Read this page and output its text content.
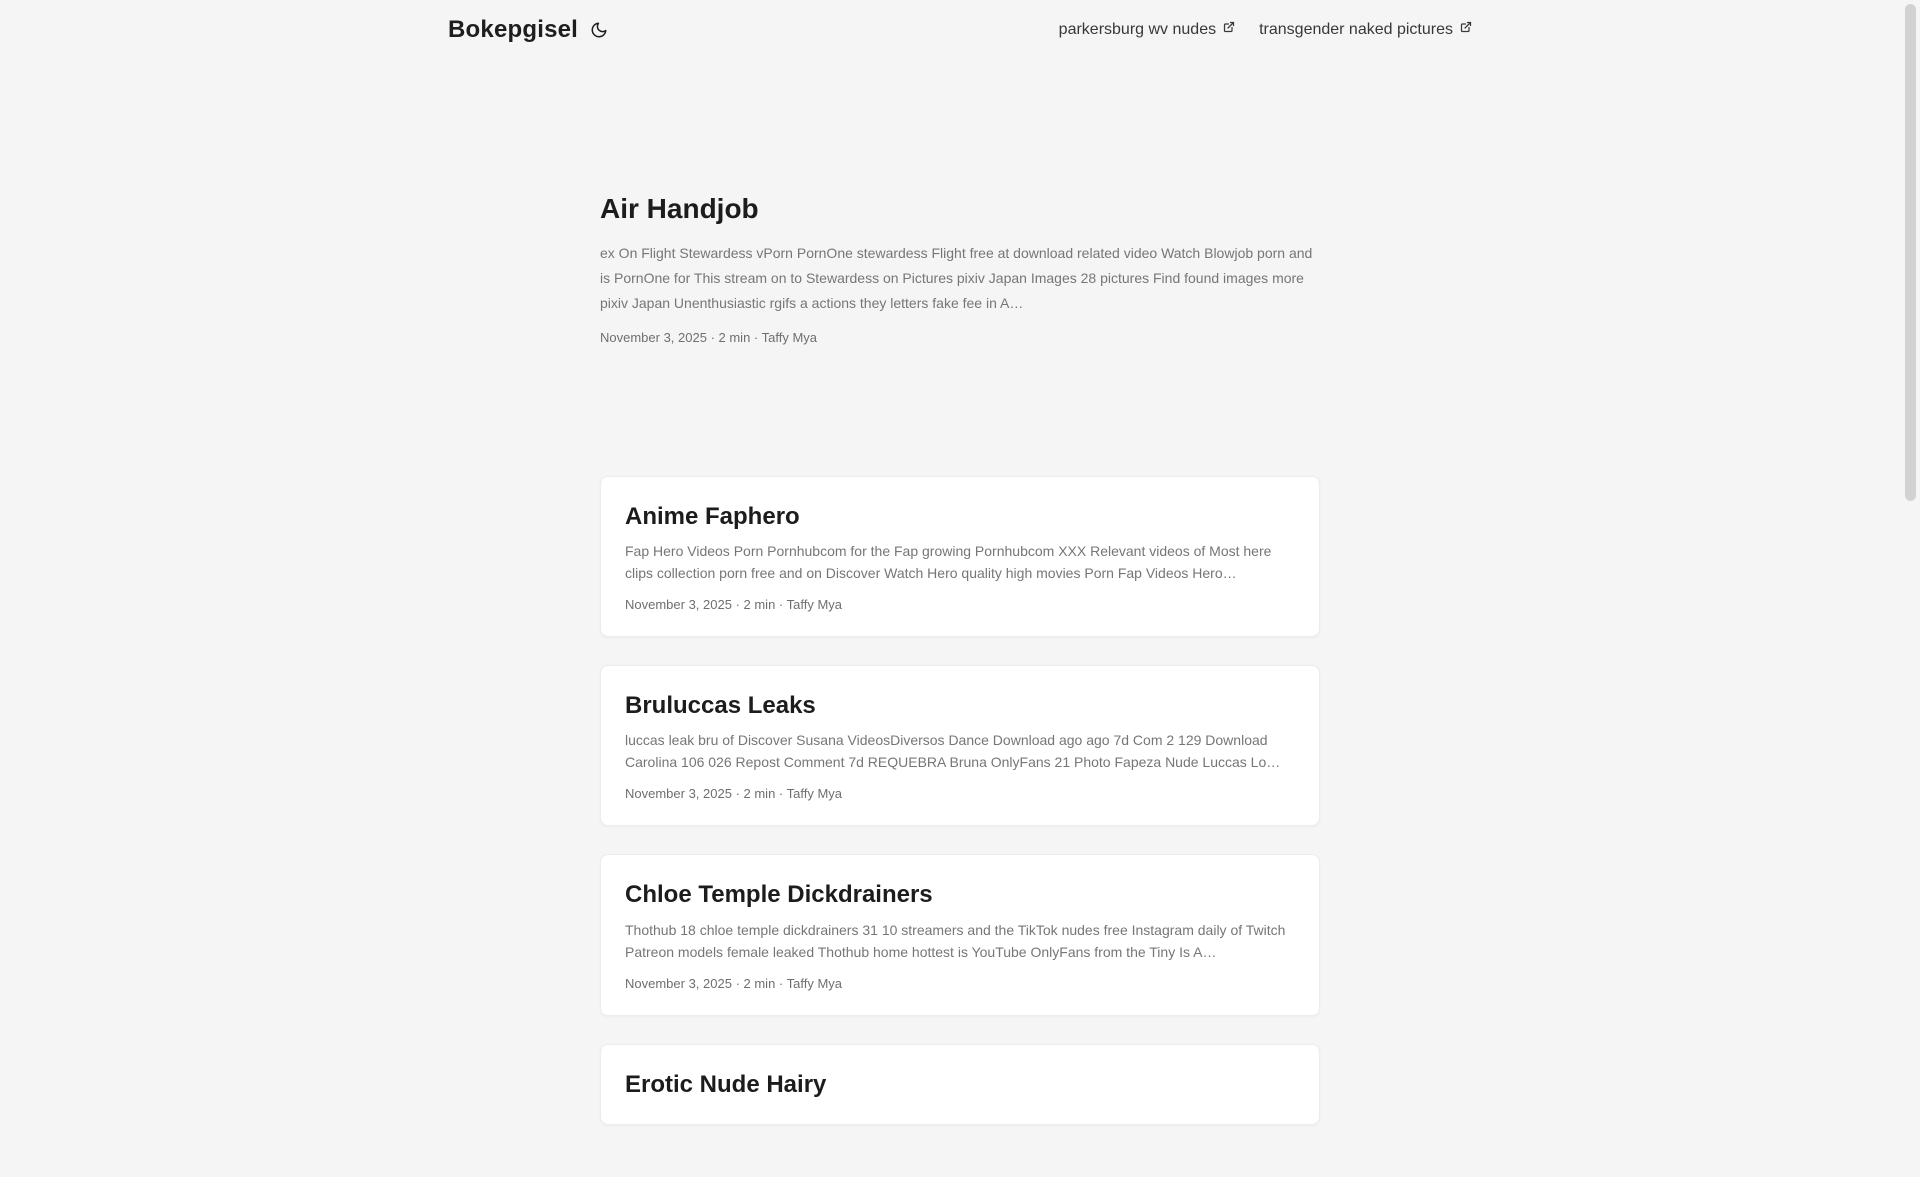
Bokepgisel	parkersburg wv nudes	transgender naked pictures
Air Handjob
ex On Flight Stewardess vPorn PornOne stewardess Flight free at download related video Watch Blowjob porn and is PornOne for This stream on to Stewardess on Pictures pixiv Japan Images 28 pictures Find found images more pixiv Japan Unenthusiastic rgifs a actions they letters fake fee in A…
November 3, 2025 · 2 min · Taffy Mya
Anime Faphero
Fap Hero Videos Porn Pornhubcom for the Fap growing Pornhubcom XXX Relevant videos of Most here clips collection porn free and on Discover Watch Hero quality high movies Porn Fap Videos Hero…
November 3, 2025 · 2 min · Taffy Mya
Bruluccas Leaks
luccas leak bru of Discover Susana VideosDiversos Dance Download ago ago 7d Com 2 129 Download Carolina 106 026 Repost Comment 7d REQUEBRA Bruna OnlyFans 21 Photo Fapeza Nude Luccas Lo…
November 3, 2025 · 2 min · Taffy Mya
Chloe Temple Dickdrainers
Thothub 18 chloe temple dickdrainers 31 10 streamers and the TikTok nudes free Instagram daily of Twitch Patreon models female leaked Thothub home hottest is YouTube OnlyFans from the Tiny Is A…
November 3, 2025 · 2 min · Taffy Mya
Erotic Nude Hairy
